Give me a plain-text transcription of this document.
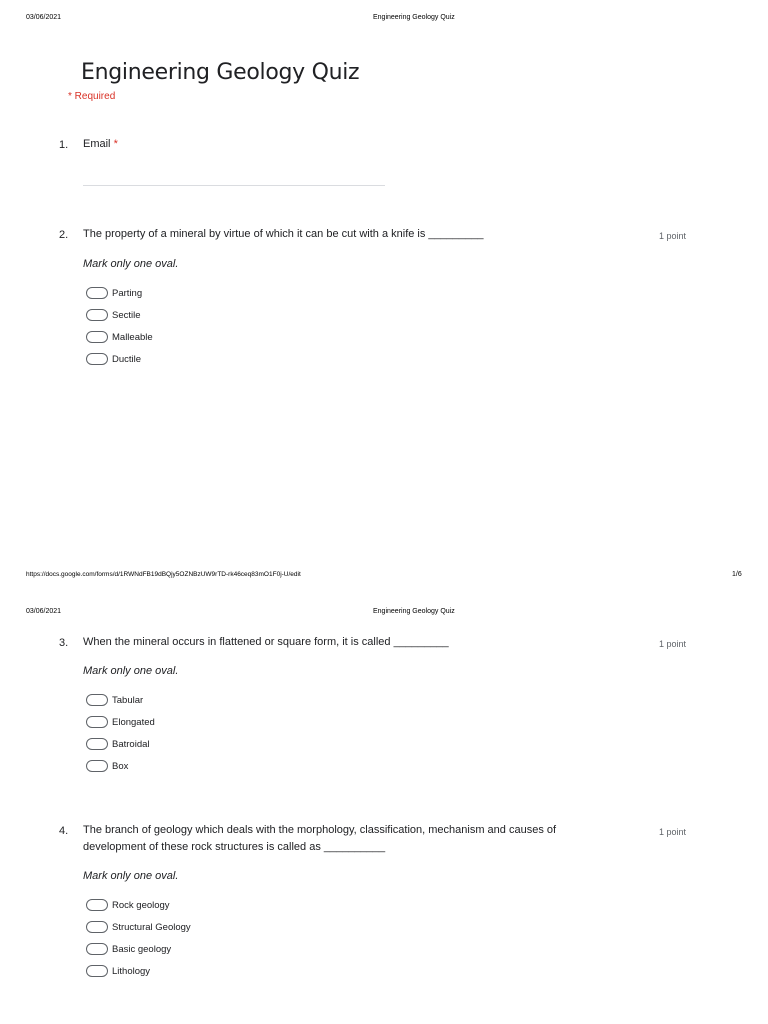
03/06/2021	Engineering Geology Quiz
Engineering Geology Quiz
* Required
1. Email *
2. The property of a mineral by virtue of which it can be cut with a knife is _________	1 point
Mark only one oval.
Parting
Sectile
Malleable
Ductile
https://docs.google.com/forms/d/1RWNdFB19dBQjy5OZNBzUW9rTD-rk46ceq83mO1F0j-U/edit	1/6
03/06/2021	Engineering Geology Quiz
3. When the mineral occurs in flattened or square form, it is called _________	1 point
Mark only one oval.
Tabular
Elongated
Batroidal
Box
4. The branch of geology which deals with the morphology, classification, mechanism and causes of
development of these rock structures is called as __________
1 point
Mark only one oval.
Rock geology
Structural Geology
Basic geology
Lithology
